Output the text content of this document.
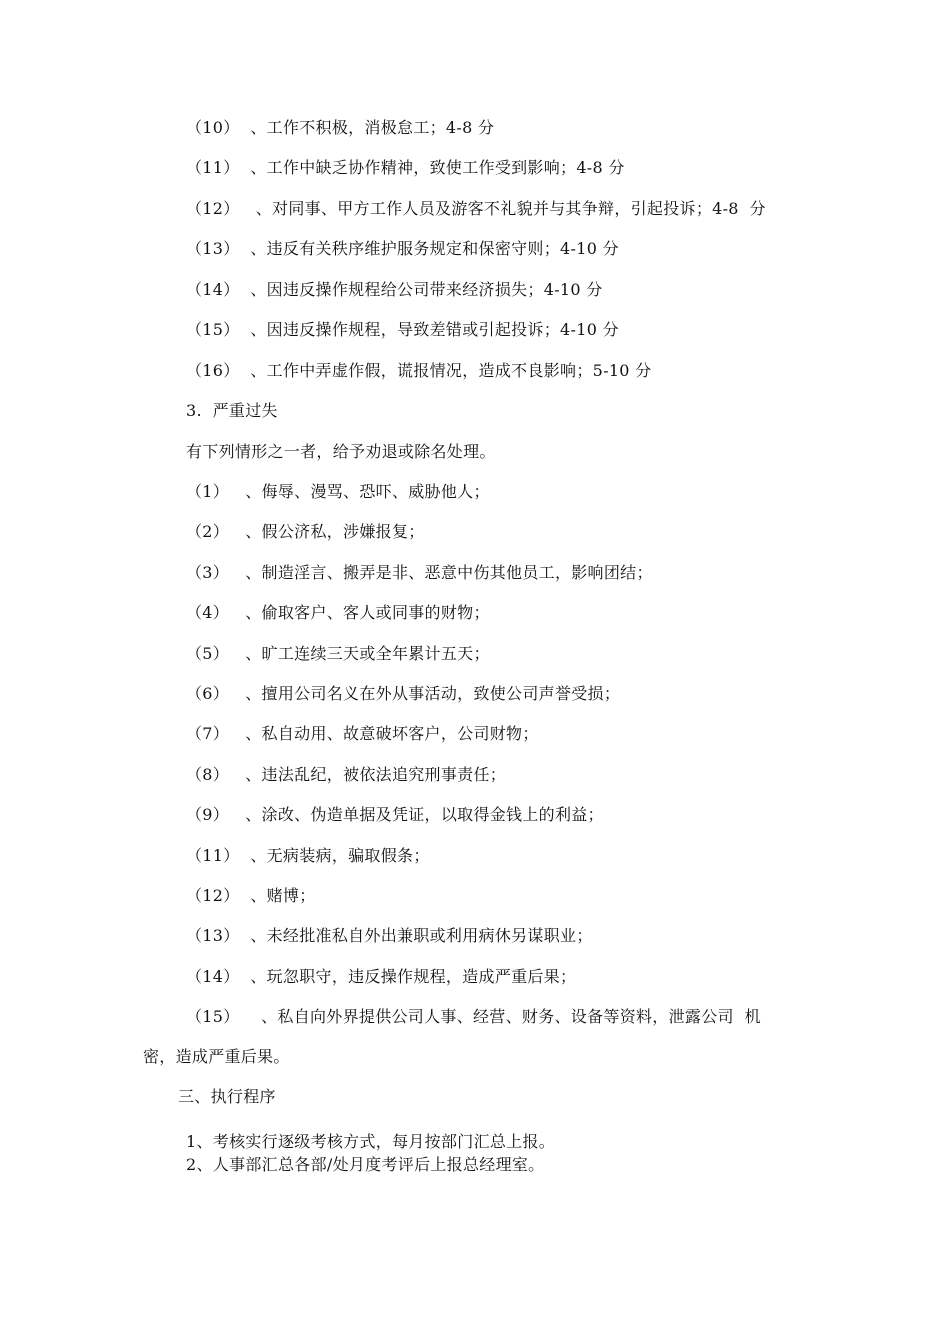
（10）  、工作不积极，消极怠工；4-8 分
（11）  、工作中缺乏协作精神，致使工作受到影响；4-8 分
（12）   、对同事、甲方工作人员及游客不礼貌并与其争辩，引起投诉；4-8  分
（13）  、违反有关秩序维护服务规定和保密守则；4-10 分
（14）  、因违反操作规程给公司带来经济损失；4-10 分
（15）  、因违反操作规程，导致差错或引起投诉；4-10 分
（16）  、工作中弄虚作假，谎报情况，造成不良影响；5-10 分
3.  严重过失
有下列情形之一者，给予劝退或除名处理。
（1）   、侮辱、漫骂、恐吓、威胁他人；
（2）   、假公济私，涉嫌报复；
（3）   、制造淫言、搬弄是非、恶意中伤其他员工，影响团结；
（4）   、偷取客户、客人或同事的财物；
（5）   、旷工连续三天或全年累计五天；
（6）   、擅用公司名义在外从事活动，致使公司声誉受损；
（7）   、私自动用、故意破坏客户，公司财物；
（8）   、违法乱纪，被依法追究刑事责任；
（9）   、涂改、伪造单据及凭证，以取得金钱上的利益；
（11）  、无病装病，骗取假条；
（12）  、赌博；
（13）  、未经批准私自外出兼职或利用病休另谋职业；
（14）  、玩忽职守，违反操作规程，造成严重后果；
（15）    、私自向外界提供公司人事、经营、财务、设备等资料，泄露公司  机
密，造成严重后果。
三、执行程序
1、考核实行逐级考核方式，每月按部门汇总上报。
2、人事部汇总各部/处月度考评后上报总经理室。
